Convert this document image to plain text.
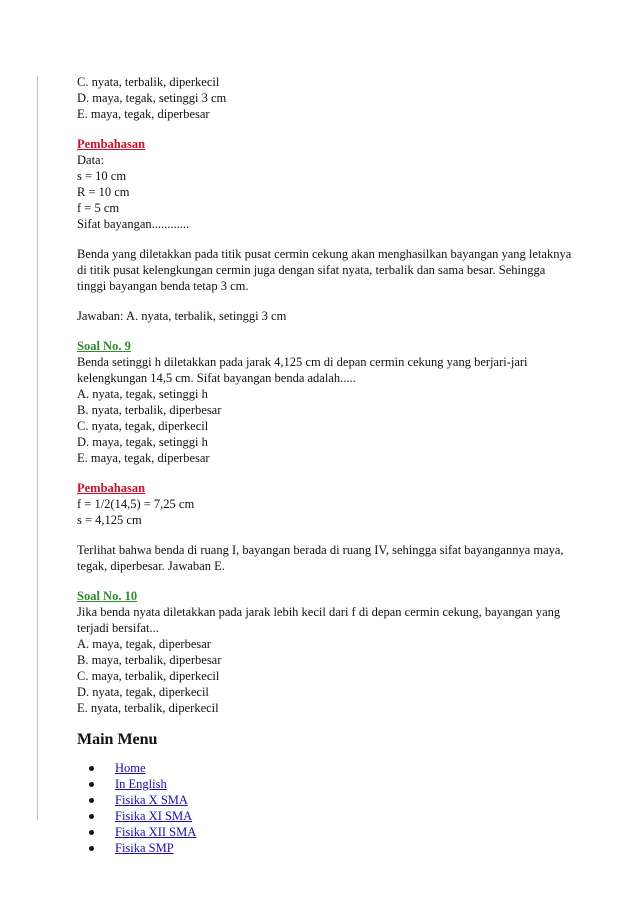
C. nyata, terbalik, diperkecil
D. maya, tegak, setinggi 3 cm
E. maya, tegak, diperbesar
Pembahasan
Data:
s = 10 cm
R = 10 cm
f = 5 cm
Sifat bayangan............
Benda yang diletakkan pada titik pusat cermin cekung akan menghasilkan bayangan yang letaknya di titik pusat kelengkungan cermin juga dengan sifat nyata, terbalik dan sama besar. Sehingga tinggi bayangan benda tetap 3 cm.
Jawaban: A. nyata, terbalik, setinggi 3 cm
Soal No. 9
Benda setinggi h diletakkan pada jarak 4,125 cm di depan cermin cekung yang berjari-jari kelengkungan 14,5 cm. Sifat bayangan benda adalah.....
A. nyata, tegak, setinggi h
B. nyata, terbalik, diperbesar
C. nyata, tegak, diperkecil
D. maya, tegak, setinggi h
E. maya, tegak, diperbesar
Pembahasan
f = 1/2(14,5) = 7,25 cm
s = 4,125 cm
Terlihat bahwa benda di ruang I, bayangan berada di ruang IV, sehingga sifat bayangannya maya, tegak, diperbesar. Jawaban E.
Soal No. 10
Jika benda nyata diletakkan pada jarak lebih kecil dari f di depan cermin cekung, bayangan yang terjadi bersifat...
A. maya, tegak, diperbesar
B. maya, terbalik, diperbesar
C. maya, terbalik, diperkecil
D. nyata, tegak, diperkecil
E. nyata, terbalik, diperkecil
Main Menu
Home
In English
Fisika X SMA
Fisika XI SMA
Fisika XII SMA
Fisika SMP
